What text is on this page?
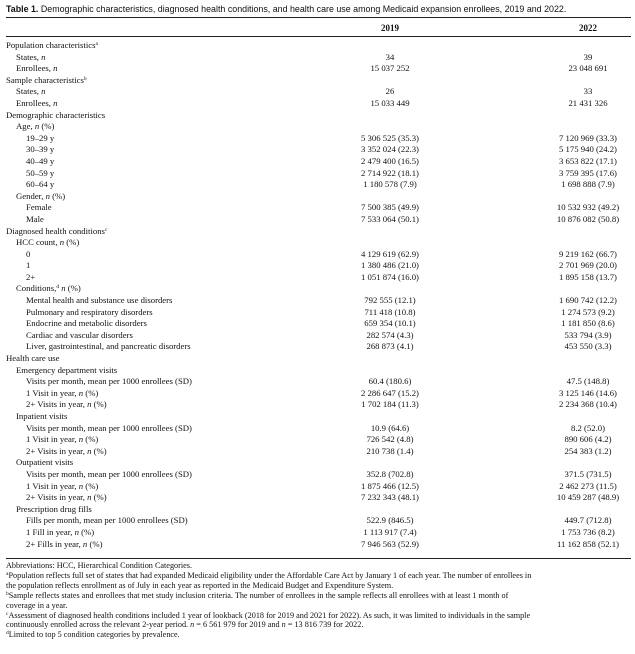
Table 1. Demographic characteristics, diagnosed health conditions, and health care use among Medicaid expansion enrollees, 2019 and 2022.
2019	2022
Population characteristics$^a$
States, n	34	39
Enrollees, n	15 037 252	23 048 691
Sample characteristics$^b$
States, n	26	33
Enrollees, n	15 033 449	21 431 326
Demographic characteristics
Age, n (%)
19–29 y	5 306 525 (35.3)	7 120 969 (33.3)
30–39 y	3 352 024 (22.3)	5 175 940 (24.2)
40–49 y	2 479 400 (16.5)	3 653 822 (17.1)
50–59 y	2 714 922 (18.1)	3 759 395 (17.6)
60–64 y	1 180 578 (7.9)	1 698 888 (7.9)
Gender, n (%)
Female	7 500 385 (49.9)	10 532 932 (49.2)
Male	7 533 064 (50.1)	10 876 082 (50.8)
Diagnosed health conditions$^c$
HCC count, n (%)
0	4 129 619 (62.9)	9 219 162 (66.7)
1	1 380 486 (21.0)	2 701 969 (20.0)
2+	1 051 874 (16.0)	1 895 158 (13.7)
Conditions,$^d$ n (%)
Mental health and substance use disorders	792 555 (12.1)	1 690 742 (12.2)
Pulmonary and respiratory disorders	711 418 (10.8)	1 274 573 (9.2)
Endocrine and metabolic disorders	659 354 (10.1)	1 181 850 (8.6)
Cardiac and vascular disorders	282 574 (4.3)	533 794 (3.9)
Liver, gastrointestinal, and pancreatic disorders	268 873 (4.1)	453 550 (3.3)
Health care use
Emergency department visits
Visits per month, mean per 1000 enrollees (SD)	60.4 (180.6)	47.5 (148.8)
1 Visit in year, n (%)	2 286 647 (15.2)	3 125 146 (14.6)
2+ Visits in year, n (%)	1 702 184 (11.3)	2 234 368 (10.4)
Inpatient visits
Visits per month, mean per 1000 enrollees (SD)	10.9 (64.6)	8.2 (52.0)
1 Visit in year, n (%)	726 542 (4.8)	890 606 (4.2)
2+ Visits in year, n (%)	210 738 (1.4)	254 383 (1.2)
Outpatient visits
Visits per month, mean per 1000 enrollees (SD)	352.8 (702.8)	371.5 (731.5)
1 Visit in year, n (%)	1 875 466 (12.5)	2 462 273 (11.5)
2+ Visits in year, n (%)	7 232 343 (48.1)	10 459 287 (48.9)
Prescription drug fills
Fills per month, mean per 1000 enrollees (SD)	522.9 (846.5)	449.7 (712.8)
1 Fill in year, n (%)	1 113 917 (7.4)	1 753 736 (8.2)
2+ Fills in year, n (%)	7 946 563 (52.9)	11 162 858 (52.1)
Abbreviations: HCC, Hierarchical Condition Categories.
$^a$Population reflects full set of states that had expanded Medicaid eligibility under the Affordable Care Act by January 1 of each year. The number of enrollees in
the population reflects enrollment as of July in each year as reported in the Medicaid Budget and Expenditure System.
$^b$Sample reflects states and enrollees that met study inclusion criteria. The number of enrollees in the sample reflects all enrollees with at least 1 month of
coverage in a year.
$^c$Assessment of diagnosed health conditions included 1 year of lookback (2018 for 2019 and 2021 for 2022). As such, it was limited to individuals in the sample
continuously enrolled across the relevant 2-year period. n = 6 561 979 for 2019 and n = 13 816 739 for 2022.
$^d$Limited to top 5 condition categories by prevalence.
